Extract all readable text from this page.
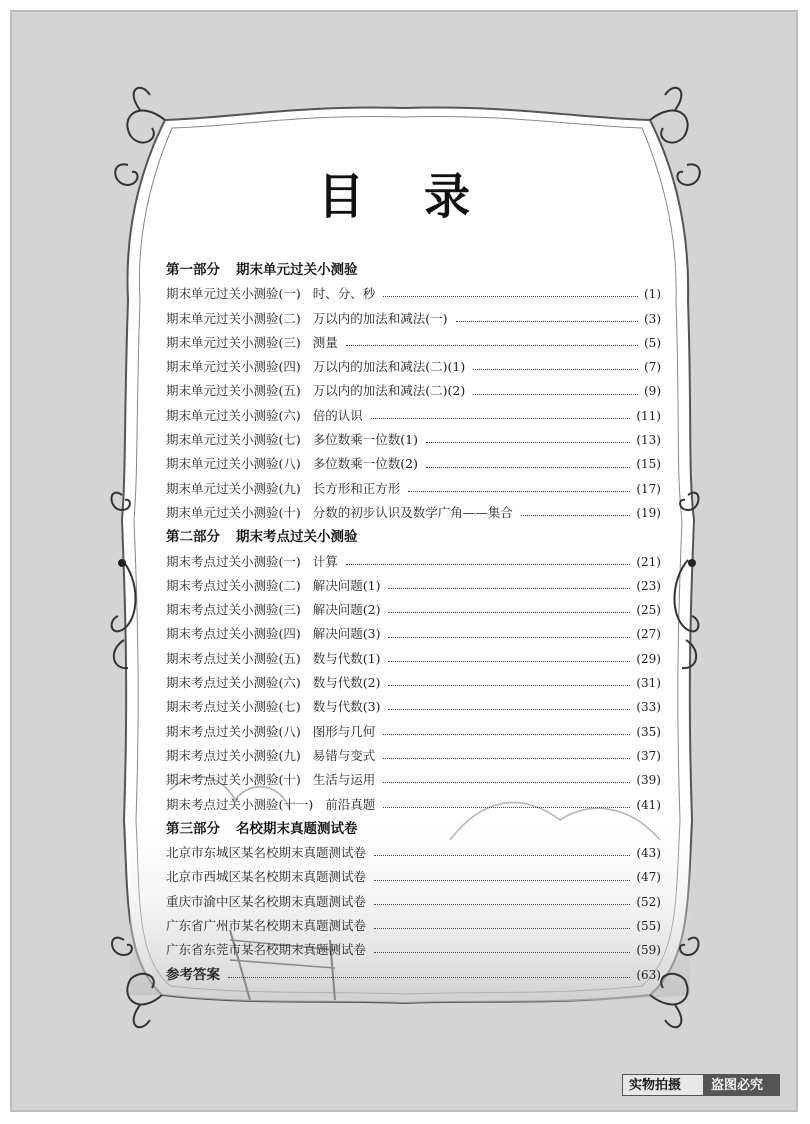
目 录
第一部分 期末单元过关小测验
期末单元过关小测验(一) 时、分、秒	(1)
期末单元过关小测验(二) 万以内的加法和减法(一)	(3)
期末单元过关小测验(三) 测量	(5)
期末单元过关小测验(四) 万以内的加法和减法(二)(1)	(7)
期末单元过关小测验(五) 万以内的加法和减法(二)(2)	(9)
期末单元过关小测验(六) 倍的认识	(11)
期末单元过关小测验(七) 多位数乘一位数(1)	(13)
期末单元过关小测验(八) 多位数乘一位数(2)	(15)
期末单元过关小测验(九) 长方形和正方形	(17)
期末单元过关小测验(十) 分数的初步认识及数学广角——集合	(19)
第二部分 期末考点过关小测验
期末考点过关小测验(一) 计算	(21)
期末考点过关小测验(二) 解决问题(1)	(23)
期末考点过关小测验(三) 解决问题(2)	(25)
期末考点过关小测验(四) 解决问题(3)	(27)
期末考点过关小测验(五) 数与代数(1)	(29)
期末考点过关小测验(六) 数与代数(2)	(31)
期末考点过关小测验(七) 数与代数(3)	(33)
期末考点过关小测验(八) 图形与几何	(35)
期末考点过关小测验(九) 易错与变式	(37)
期末考点过关小测验(十) 生活与运用	(39)
期末考点过关小测验(十一) 前沿真题	(41)
第三部分 名校期末真题测试卷
北京市东城区某名校期末真题测试卷	(43)
北京市西城区某名校期末真题测试卷	(47)
重庆市渝中区某名校期末真题测试卷	(52)
广东省广州市某名校期末真题测试卷	(55)
广东省东莞市某名校期末真题测试卷	(59)
参考答案	(63)
实物拍摄	盗图必究
